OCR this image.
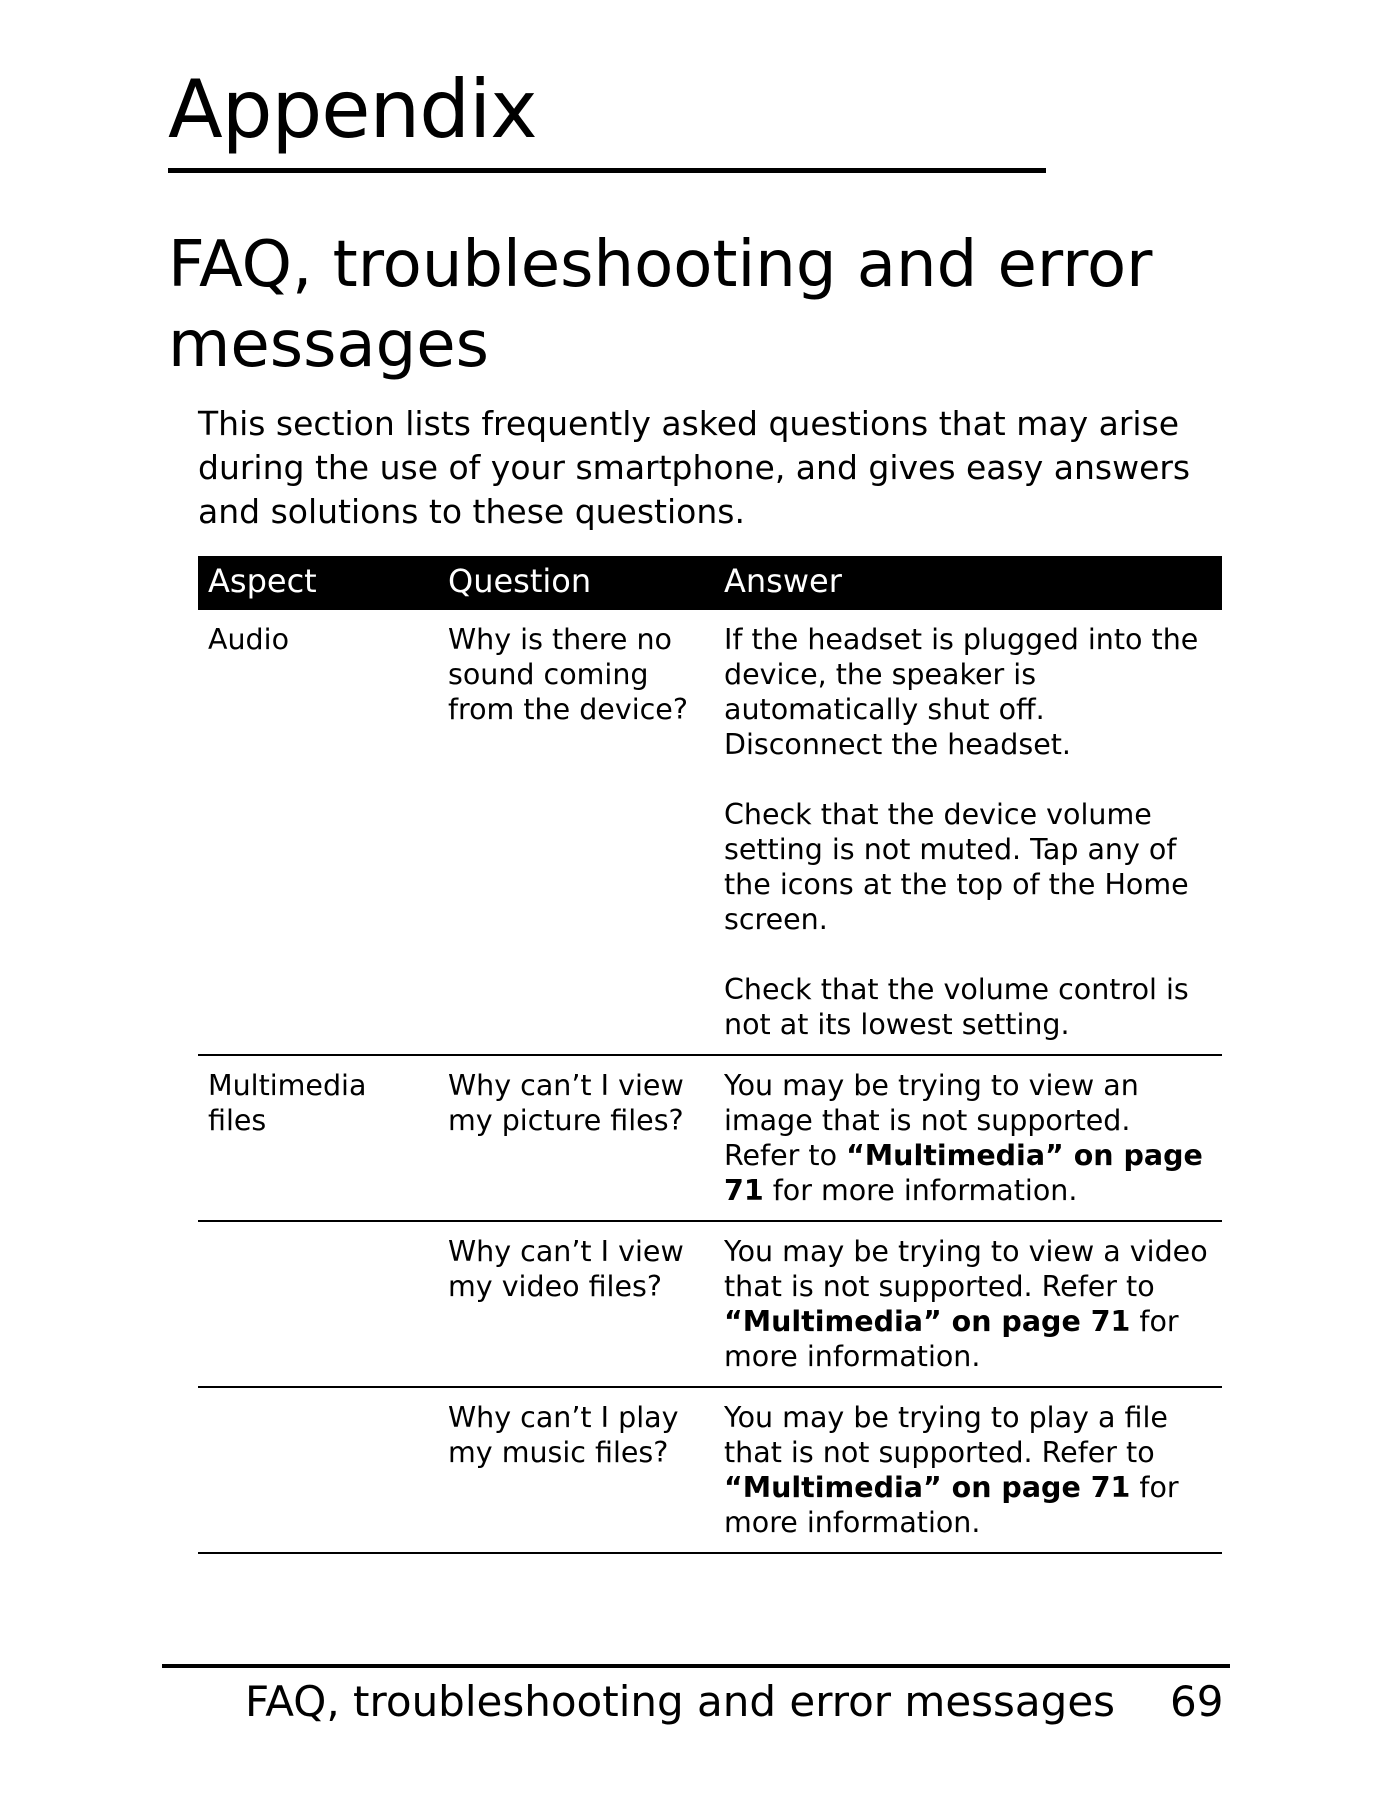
Appendix
FAQ, troubleshooting and error messages

This section lists frequently asked questions that may arise during the use of your smartphone, and gives easy answers and solutions to these questions.

Aspect	Question	Answer
Audio	Why is there no sound coming from the device?	If the headset is plugged into the device, the speaker is automatically shut off. Disconnect the headset.

Check that the device volume setting is not muted. Tap any of the icons at the top of the Home screen.

Check that the volume control is not at its lowest setting.

Multimedia files	Why can’t I view my picture files?	You may be trying to view an image that is not supported. Refer to “Multimedia” on page 71 for more information.
	Why can’t I view my video files?	You may be trying to view a video that is not supported. Refer to “Multimedia” on page 71 for more information.
	Why can’t I play my music files?	You may be trying to play a file that is not supported. Refer to “Multimedia” on page 71 for more information.
FAQ, troubleshooting and error messages 69
